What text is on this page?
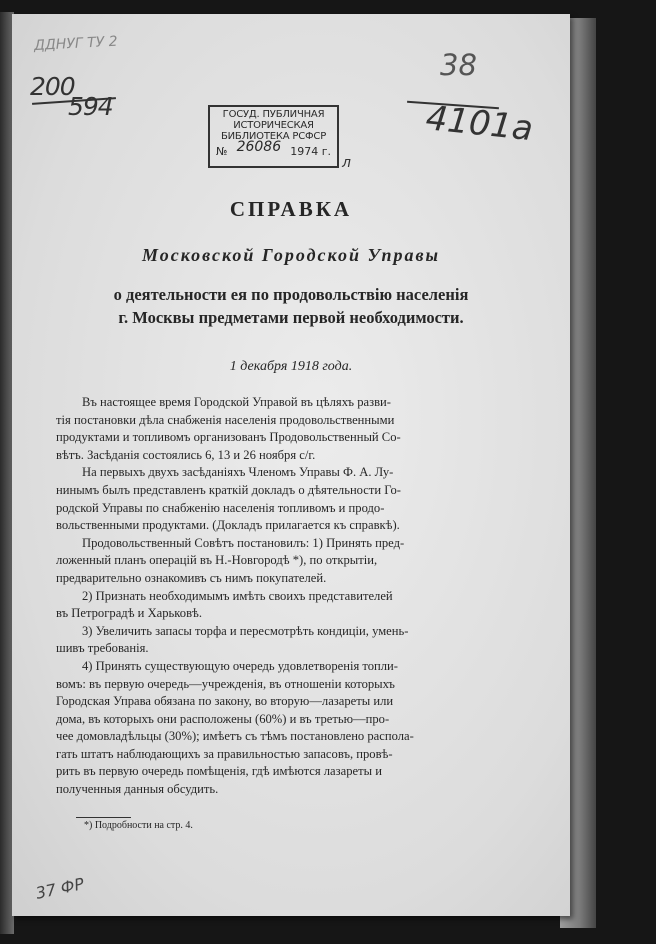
ДДНУГ ТУ 2
200
594
38
4101а
ГОСУД. ПУБЛИЧНАЯ
ИСТОРИЧЕСКАЯ
БИБЛИОТЕКА РСФСР
№ 26086 1974 г.
л
СПРАВКА
Московской Городской Управы
о деятельности ея по продовольствію населенія
г. Москвы предметами первой необходимости.
1 декабря 1918 года.
Въ настоящее время Городской Управой въ цѣляхъ разви-
тія постановки дѣла снабженія населенія продовольственными
продуктами и топливомъ организованъ Продовольственный Со-
вѣтъ. Засѣданія состоялись 6, 13 и 26 ноября с/г.
На первыхъ двухъ засѣданіяхъ Членомъ Управы Ф. А. Лу-
нинымъ былъ представленъ краткій докладъ о дѣятельности Го-
родской Управы по снабженію населенія топливомъ и продо-
вольственными продуктами. (Докладъ прилагается къ справкѣ).
Продовольственный Совѣтъ постановилъ: 1) Принять пред-
ложенный планъ операцій въ Н.-Новгородѣ *), по открытіи,
предварительно ознакомивъ съ нимъ покупателей.
2) Признать необходимымъ имѣть своихъ представителей
въ Петроградѣ и Харьковѣ.
3) Увеличить запасы торфа и пересмотрѣть кондиціи, умень-
шивъ требованія.
4) Принять существующую очередь удовлетворенія топли-
вомъ: въ первую очередь—учрежденія, въ отношеніи которыхъ
Городская Управа обязана по закону, во вторую—лазареты или
дома, въ которыхъ они расположены (60%) и въ третью—про-
чее домовладѣльцы (30%); имѣетъ съ тѣмъ постановлено распола-
гать штатъ наблюдающихъ за правильностью запасовъ, провѣ-
рить въ первую очередь помѣщенія, гдѣ имѣются лазареты и
полученныя данныя обсудить.
*) Подробности на стр. 4.
37 ФР
